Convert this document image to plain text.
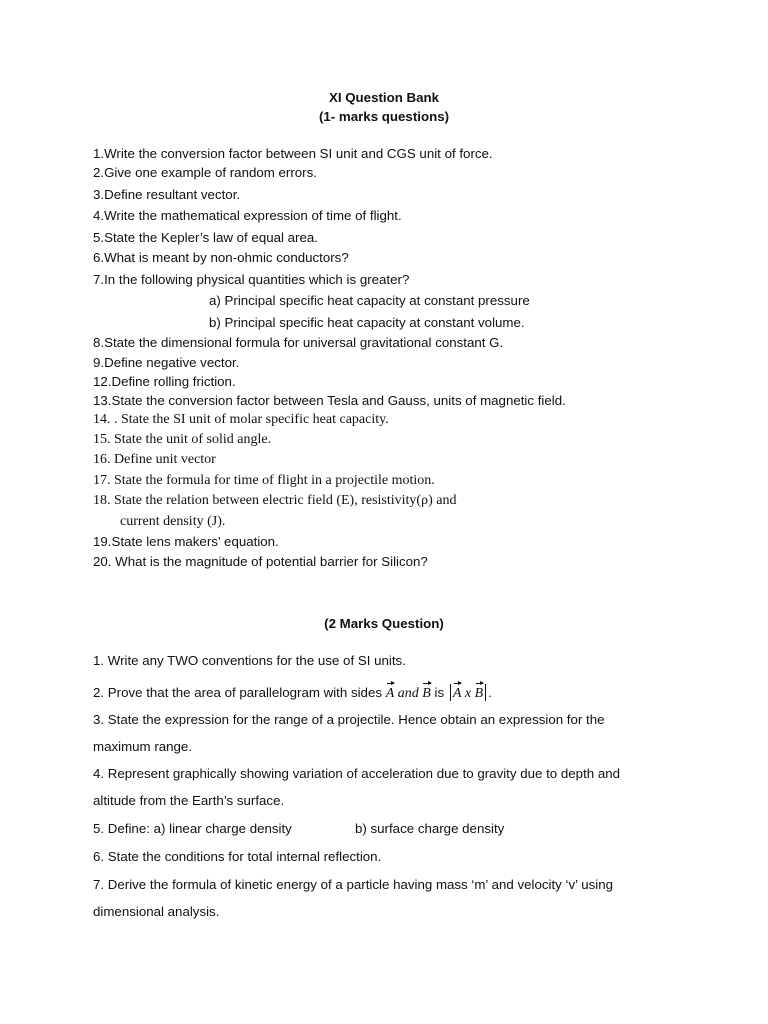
XI Question Bank
(1- marks questions)
1.Write the conversion factor between SI unit and CGS unit of force.
2.Give one example of random errors.
3.Define resultant vector.
4.Write the mathematical expression of time of flight.
5.State the Kepler’s law of equal area.
6.What is meant by non-ohmic conductors?
7.In the following physical quantities which is greater?
a) Principal specific heat capacity at constant pressure
b) Principal specific heat capacity at constant volume.
8.State the dimensional formula for universal gravitational constant G.
9.Define negative vector.
12.Define rolling friction.
13.State the conversion factor between Tesla and Gauss, units of magnetic field.
14. . State the SI unit of molar specific heat capacity.
15. State the unit of solid angle.
16. Define unit vector
17. State the formula for time of flight in a projectile motion.
18. State the relation between electric field (E), resistivity(ρ) and
current density (J).
19.State lens makers’ equation.
20. What is the magnitude of potential barrier for Silicon?
(2 Marks Question)
1. Write any TWO conventions for the use of SI units.
2. Prove that the area of parallelogram with sides A and B is A x B .
3. State the expression for the range of a projectile. Hence obtain an expression for the
maximum range.
4. Represent graphically showing variation of acceleration due to gravity due to depth and
altitude from the Earth’s surface.
5. Define: a) linear charge density	b) surface charge density
6. State the conditions for total internal reflection.
7. Derive the formula of kinetic energy of a particle having mass ‘m’ and velocity ‘v’ using
dimensional analysis.
